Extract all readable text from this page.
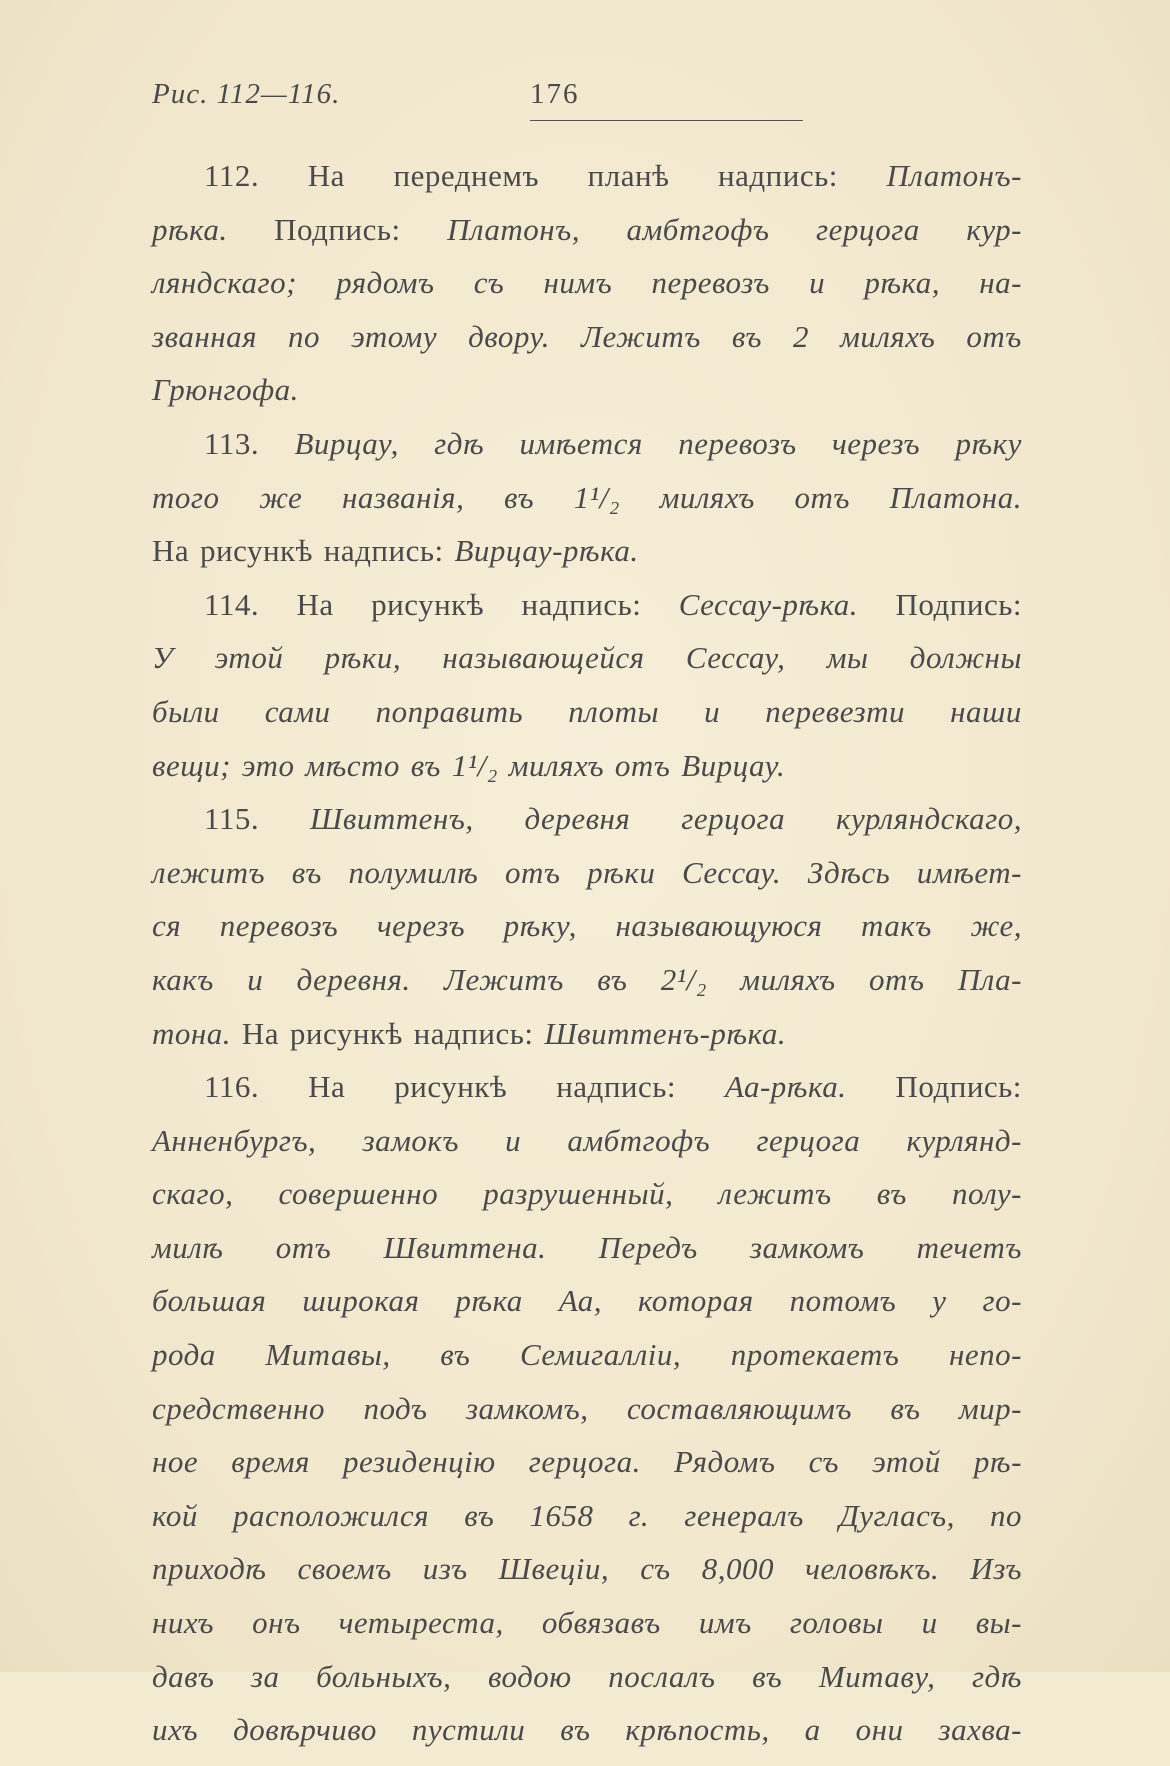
Рис. 112—116.	176
112. На переднемъ планѣ надпись: Платонъ-
рѣка. Подпись: Платонъ, амбтгофъ герцога кур-
ляндскаго; рядомъ съ нимъ перевозъ и рѣка, на-
званная по этому двору. Лежитъ въ 2 миляхъ отъ
Грюнгофа.
113. Вирцау, гдѣ имѣется перевозъ черезъ рѣку
того же названія, въ 1¹/₂ миляхъ отъ Платона.
На рисункѣ надпись: Вирцау-рѣка.
114. На рисункѣ надпись: Сессау-рѣка. Подпись:
У этой рѣки, называющейся Сессау, мы должны
были сами поправить плоты и перевезти наши
вещи; это мѣсто въ 1¹/₂ миляхъ отъ Вирцау.
115. Швиттенъ, деревня герцога курляндскаго,
лежитъ въ полумилѣ отъ рѣки Сессау. Здѣсь имѣет-
ся перевозъ черезъ рѣку, называющуюся такъ же,
какъ и деревня. Лежитъ въ 2¹/₂ миляхъ отъ Пла-
тона. На рисункѣ надпись: Швиттенъ-рѣка.
116. На рисункѣ надпись: Аа-рѣка. Подпись:
Анненбургъ, замокъ и амбтгофъ герцога курлянд-
скаго, совершенно разрушенный, лежитъ въ полу-
милѣ отъ Швиттена. Передъ замкомъ течетъ
большая широкая рѣка Аа, которая потомъ у го-
рода Митавы, въ Семигалліи, протекаетъ непо-
средственно подъ замкомъ, составляющимъ въ мир-
ное время резиденцію герцога. Рядомъ съ этой рѣ-
кой расположился въ 1658 г. генералъ Дугласъ, по
приходѣ своемъ изъ Швеціи, съ 8,000 человѣкъ. Изъ
нихъ онъ четыреста, обвязавъ имъ головы и вы-
давъ за больныхъ, водою послалъ въ Митаву, гдѣ
ихъ довѣрчиво пустили въ крѣпость, а они захва-
